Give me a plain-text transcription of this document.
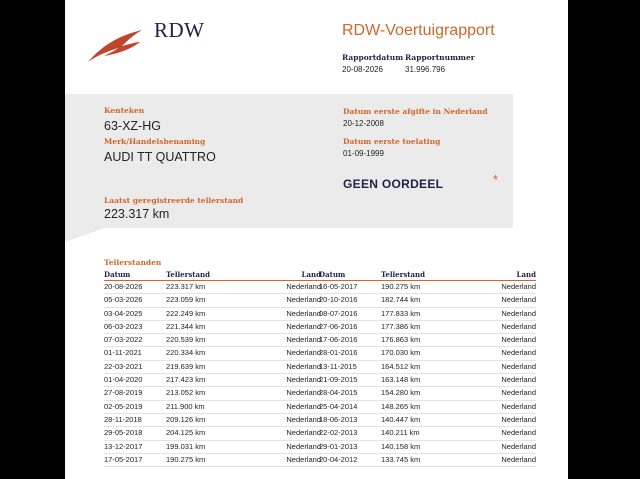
RDW	RDW-Voertuigrapport
Rapportdatum Rapportnummer
20-08-2026	31.996.796
Kenteken
63-XZ-HG
Merk/Handelsbenaming
AUDI TT QUATTRO
Laatst geregistreerde tellerstand
223.317 km
Datum eerste afgifte in Nederland
20-12-2008
Datum eerste toelating
01-09-1999
GEEN OORDEEL	*
Tellerstanden
Datum	Tellerstand	Land
20-08-2026	223.317 km	Nederland
05-03-2026	223.059 km	Nederland
03-04-2025	222.249 km	Nederland
06-03-2023	221.344 km	Nederland
07-03-2022	220.539 km	Nederland
01-11-2021	220.334 km	Nederland
22-03-2021	219.639 km	Nederland
01-04-2020	217.423 km	Nederland
27-08-2019	213.052 km	Nederland
02-05-2019	211.900 km	Nederland
28-11-2018	209.126 km	Nederland
29-05-2018	204.125 km	Nederland
13-12-2017	199.031 km	Nederland
17-05-2017	190.275 km	Nederland
Datum	Tellerstand	Land
16-05-2017	190.275 km	Nederland
20-10-2016	182.744 km	Nederland
08-07-2016	177.833 km	Nederland
27-06-2016	177.386 km	Nederland
17-06-2016	176.863 km	Nederland
28-01-2016	170.030 km	Nederland
13-11-2015	164.512 km	Nederland
21-09-2015	163.148 km	Nederland
28-04-2015	154.280 km	Nederland
25-04-2014	148.265 km	Nederland
18-06-2013	140.447 km	Nederland
22-02-2013	140.211 km	Nederland
29-01-2013	140.158 km	Nederland
20-04-2012	133.745 km	Nederland
